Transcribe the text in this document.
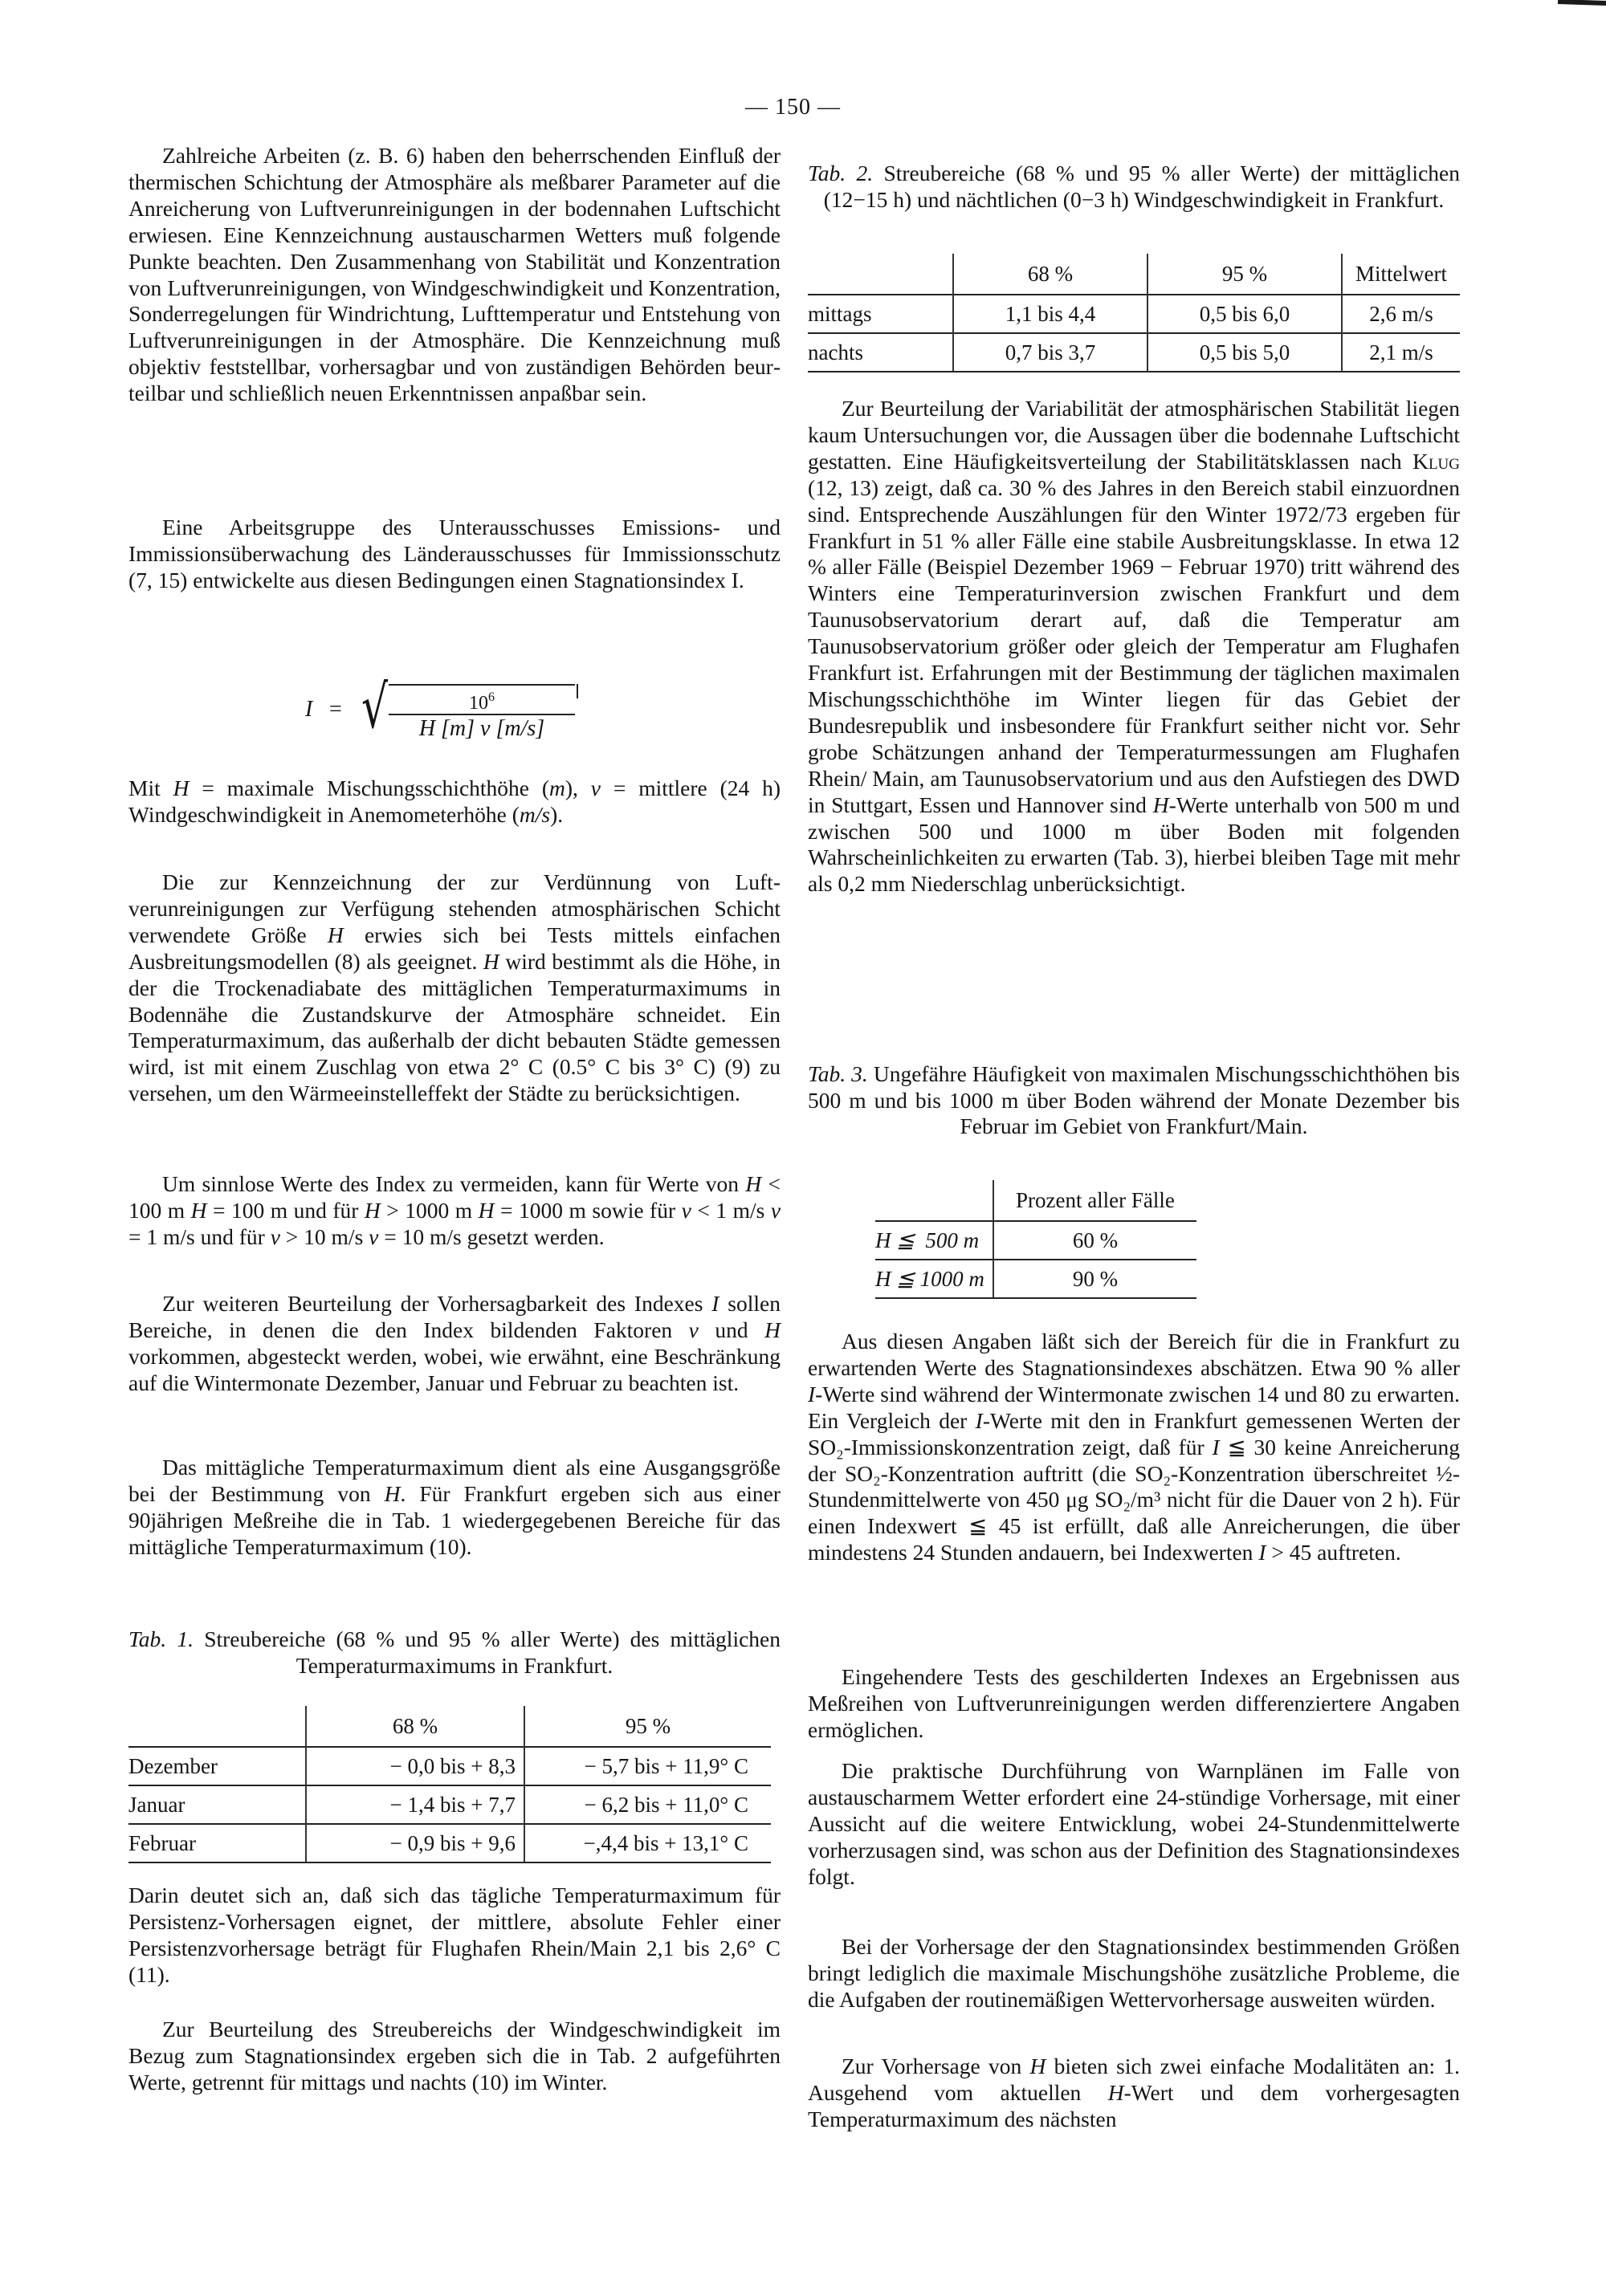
— 150 —

Zahlreiche Arbeiten (z. B. 6) haben den beherrschenden Einfluß der thermischen Schichtung der Atmosphäre als meßbarer Parameter auf die Anreicherung von Luftverunreinigungen in der bodennahen Luftschicht erwiesen. Eine Kennzeichnung austauscharmen Wetters muß folgende Punkte beachten. Den Zusammenhang von Stabilität und Konzentration von Luftverunreinigungen, von Windgeschwindigkeit und Konzentration, Sonderregelungen für Windrichtung, Lufttemperatur und Entstehung von Luftverunreinigungen in der Atmosphäre. Die Kennzeichnung muß objektiv feststellbar, vorhersagbar und von zuständigen Behörden beurteilbar und schließlich neuen Erkenntnissen anpaßbar sein.

Eine Arbeitsgruppe des Unterausschusses Emissions- und Immissionsüberwachung des Länderausschusses für Immissionsschutz (7, 15) entwickelte aus diesen Bedingungen einen Stagnationsindex I.

I = √ $\frac{10^6}{H [m] v [m/s]}$

Mit H = maximale Mischungsschichthöhe (m), v = mittlere (24 h) Windgeschwindigkeit in Anemometerhöhe (m/s).

Die zur Kennzeichnung der zur Verdünnung von Luftverunreinigungen zur Verfügung stehenden atmosphärischen Schicht verwendete Größe H erwies sich bei Tests mittels einfachen Ausbreitungsmodellen (8) als geeignet. H wird bestimmt als die Höhe, in der die Trockenadiabate des mittäglichen Temperaturmaximums in Bodennähe die Zustandskurve der Atmosphäre schneidet. Ein Temperaturmaximum, das außerhalb der dicht bebauten Städte gemessen wird, ist mit einem Zuschlag von etwa 2° C (0.5° C bis 3° C) (9) zu versehen, um den Wärmeeinstelleffekt der Städte zu berücksichtigen.

Um sinnlose Werte des Index zu vermeiden, kann für Werte von H < 100 m H = 100 m und für H > 1000 m H = 1000 m sowie für v < 1 m/s v = 1 m/s und für v > 10 m/s v = 10 m/s gesetzt werden.

Zur weiteren Beurteilung der Vorhersagbarkeit des Indexes I sollen Bereiche, in denen die den Index bildenden Faktoren v und H vorkommen, abgesteckt werden, wobei, wie erwähnt, eine Beschränkung auf die Wintermonate Dezember, Januar und Februar zu beachten ist.

Das mittägliche Temperaturmaximum dient als eine Ausgangsgröße bei der Bestimmung von H. Für Frankfurt ergeben sich aus einer 90jährigen Meßreihe die in Tab. 1 wiedergegebenen Bereiche für das mittägliche Temperaturmaximum (10).

Tab. 1. Streubereiche (68 % und 95 % aller Werte) des mittäglichen Temperaturmaximums in Frankfurt.

	68 %	95 %
Dezember	− 0,0 bis + 8,3	− 5,7 bis + 11,9° C
Januar	− 1,4 bis + 7,7	− 6,2 bis + 11,0° C
Februar	− 0,9 bis + 9,6	−,4,4 bis + 13,1° C

Darin deutet sich an, daß sich das tägliche Temperaturmaximum für Persistenz-Vorhersagen eignet, der mittlere, absolute Fehler einer Persistenzvorhersage beträgt für Flughafen Rhein/Main 2,1 bis 2,6° C (11).

Zur Beurteilung des Streubereichs der Windgeschwindigkeit im Bezug zum Stagnationsindex ergeben sich die in Tab. 2 aufgeführten Werte, getrennt für mittags und nachts (10) im Winter.

Tab. 2. Streubereiche (68 % und 95 % aller Werte) der mittäglichen (12−15 h) und nächtlichen (0−3 h) Windgeschwindigkeit in Frankfurt.

	68 %	95 %	Mittelwert
mittags	1,1 bis 4,4	0,5 bis 6,0	2,6 m/s
nachts	0,7 bis 3,7	0,5 bis 5,0	2,1 m/s

Zur Beurteilung der Variabilität der atmosphärischen Stabilität liegen kaum Untersuchungen vor, die Aussagen über die bodennahe Luftschicht gestatten. Eine Häufigkeitsverteilung der Stabilitätsklassen nach Klug (12, 13) zeigt, daß ca. 30 % des Jahres in den Bereich stabil einzuordnen sind. Entsprechende Auszählungen für den Winter 1972/73 ergeben für Frankfurt in 51 % aller Fälle eine stabile Ausbreitungsklasse. In etwa 12 % aller Fälle (Beispiel Dezember 1969 − Februar 1970) tritt während des Winters eine Temperaturinversion zwischen Frankfurt und dem Taunusobservatorium derart auf, daß die Temperatur am Taunusobservatorium größer oder gleich der Temperatur am Flughafen Frankfurt ist. Erfahrungen mit der Bestimmung der täglichen maximalen Mischungsschichthöhe im Winter liegen für das Gebiet der Bundesrepublik und insbesondere für Frankfurt seither nicht vor. Sehr grobe Schätzungen anhand der Temperaturmessungen am Flughafen Rhein/ Main, am Taunusobservatorium und aus den Aufstiegen des DWD in Stuttgart, Essen und Hannover sind H-Werte unterhalb von 500 m und zwischen 500 und 1000 m über Boden mit folgenden Wahrscheinlichkeiten zu erwarten (Tab. 3), hierbei bleiben Tage mit mehr als 0,2 mm Niederschlag unberücksichtigt.

Tab. 3. Ungefähre Häufigkeit von maximalen Mischungsschichthöhen bis 500 m und bis 1000 m über Boden während der Monate Dezember bis Februar im Gebiet von Frankfurt/Main.

	Prozent aller Fälle
H ≦  500 m	60 %
H ≦ 1000 m	90 %

Aus diesen Angaben läßt sich der Bereich für die in Frankfurt zu erwartenden Werte des Stagnationsindexes abschätzen. Etwa 90 % aller I-Werte sind während der Wintermonate zwischen 14 und 80 zu erwarten. Ein Vergleich der I-Werte mit den in Frankfurt gemessenen Werten der SO₂-Immissionskonzentration zeigt, daß für I ≦ 30 keine Anreicherung der SO₂-Konzentration auftritt (die SO₂-Konzentration überschreitet ½-Stundenmittelwerte von 450 μg SO₂/m³ nicht für die Dauer von 2 h). Für einen Indexwert ≦ 45 ist erfüllt, daß alle Anreicherungen, die über mindestens 24 Stunden andauern, bei Indexwerten I > 45 auftreten.

Eingehendere Tests des geschilderten Indexes an Ergebnissen aus Meßreihen von Luftverunreinigungen werden differenziertere Angaben ermöglichen.

Die praktische Durchführung von Warnplänen im Falle von austauscharmem Wetter erfordert eine 24-stündige Vorhersage, mit einer Aussicht auf die weitere Entwicklung, wobei 24-Stundenmittelwerte vorherzusagen sind, was schon aus der Definition des Stagnationsindexes folgt.

Bei der Vorhersage der den Stagnationsindex bestimmenden Größen bringt lediglich die maximale Mischungshöhe zusätzliche Probleme, die die Aufgaben der routinemäßigen Wettervorhersage ausweiten würden.

Zur Vorhersage von H bieten sich zwei einfache Modalitäten an: 1. Ausgehend vom aktuellen H-Wert und dem vorhergesagten Temperaturmaximum des nächsten
